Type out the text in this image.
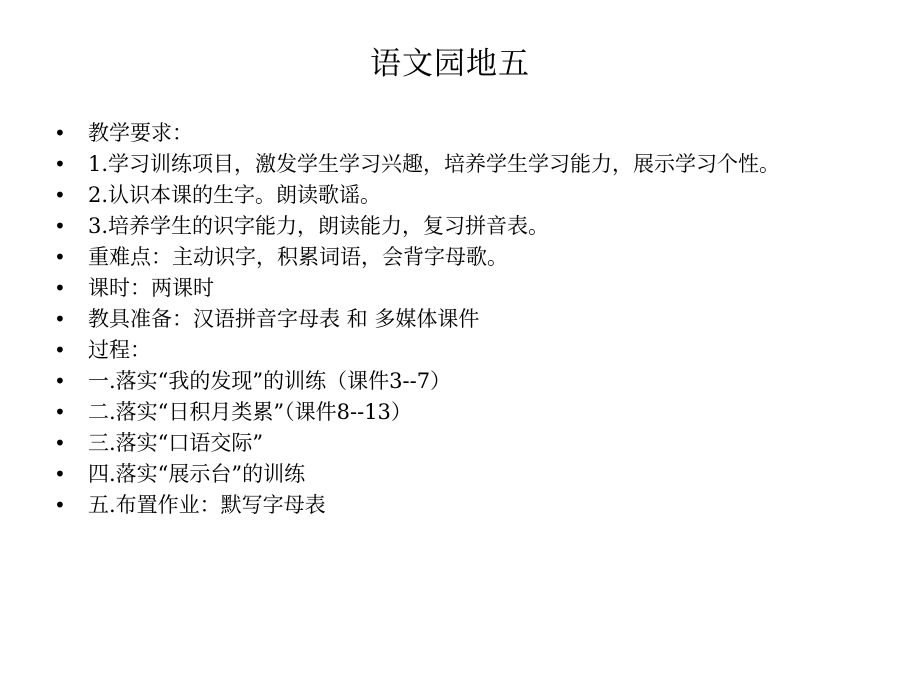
语文园地五
• 教学要求：
• 1.学习训练项目，激发学生学习兴趣，培养学生学习能力，展示学习个性。
• 2.认识本课的生字。朗读歌谣。
• 3.培养学生的识字能力，朗读能力，复习拼音表。
• 重难点：主动识字，积累词语，会背字母歌。
• 课时：两课时
• 教具准备：汉语拼音字母表 和 多媒体课件
• 过程：
• 一.落实“我的发现”的训练（课件3--7）
• 二.落实“日积月类累”（课件8--13）
• 三.落实“口语交际”
• 四.落实“展示台”的训练
• 五.布置作业：默写字母表
